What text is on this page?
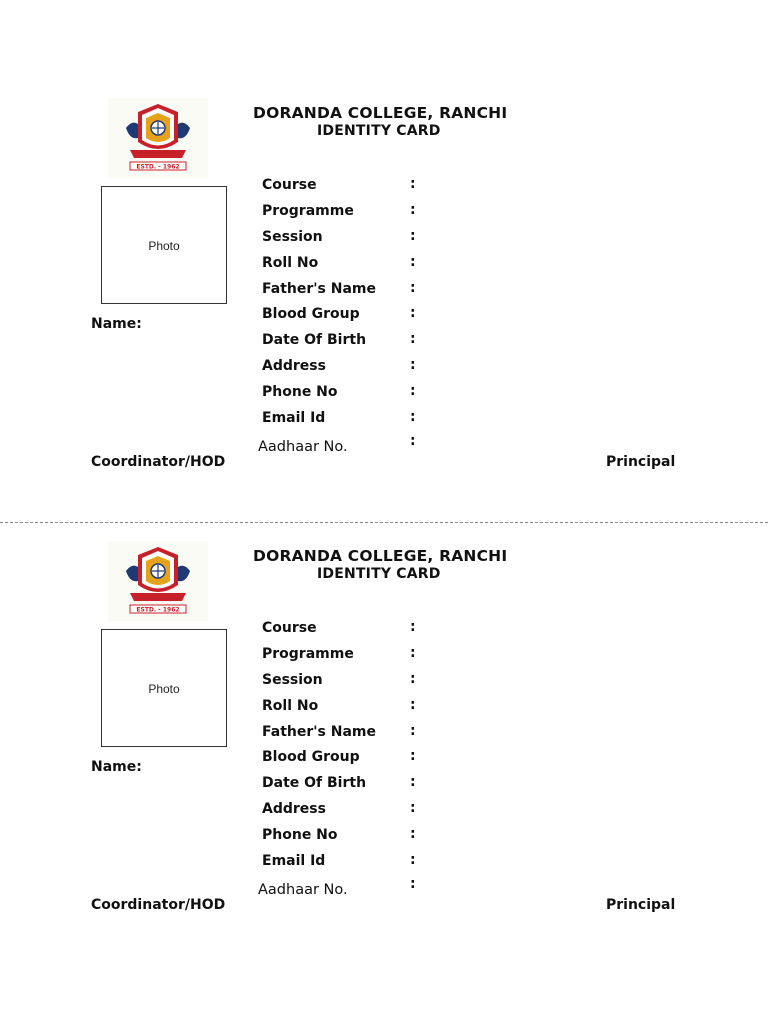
ESTD. - 1962
DORANDA COLLEGE, RANCHI
IDENTITY CARD
Photo
Name:
Course	:
Programme	:
Session	:
Roll No	:
Father's Name :
Blood Group	:
Date Of Birth	:
Address	:
Phone No	:
Email Id	:
Aadhaar No.	:
Coordinator/HOD	Principal
ESTD. - 1962
DORANDA COLLEGE, RANCHI
IDENTITY CARD
Photo
Name:
Course	:
Programme	:
Session	:
Roll No	:
Father's Name :
Blood Group	:
Date Of Birth	:
Address	:
Phone No	:
Email Id	:
Aadhaar No.	:
Coordinator/HOD	Principal
